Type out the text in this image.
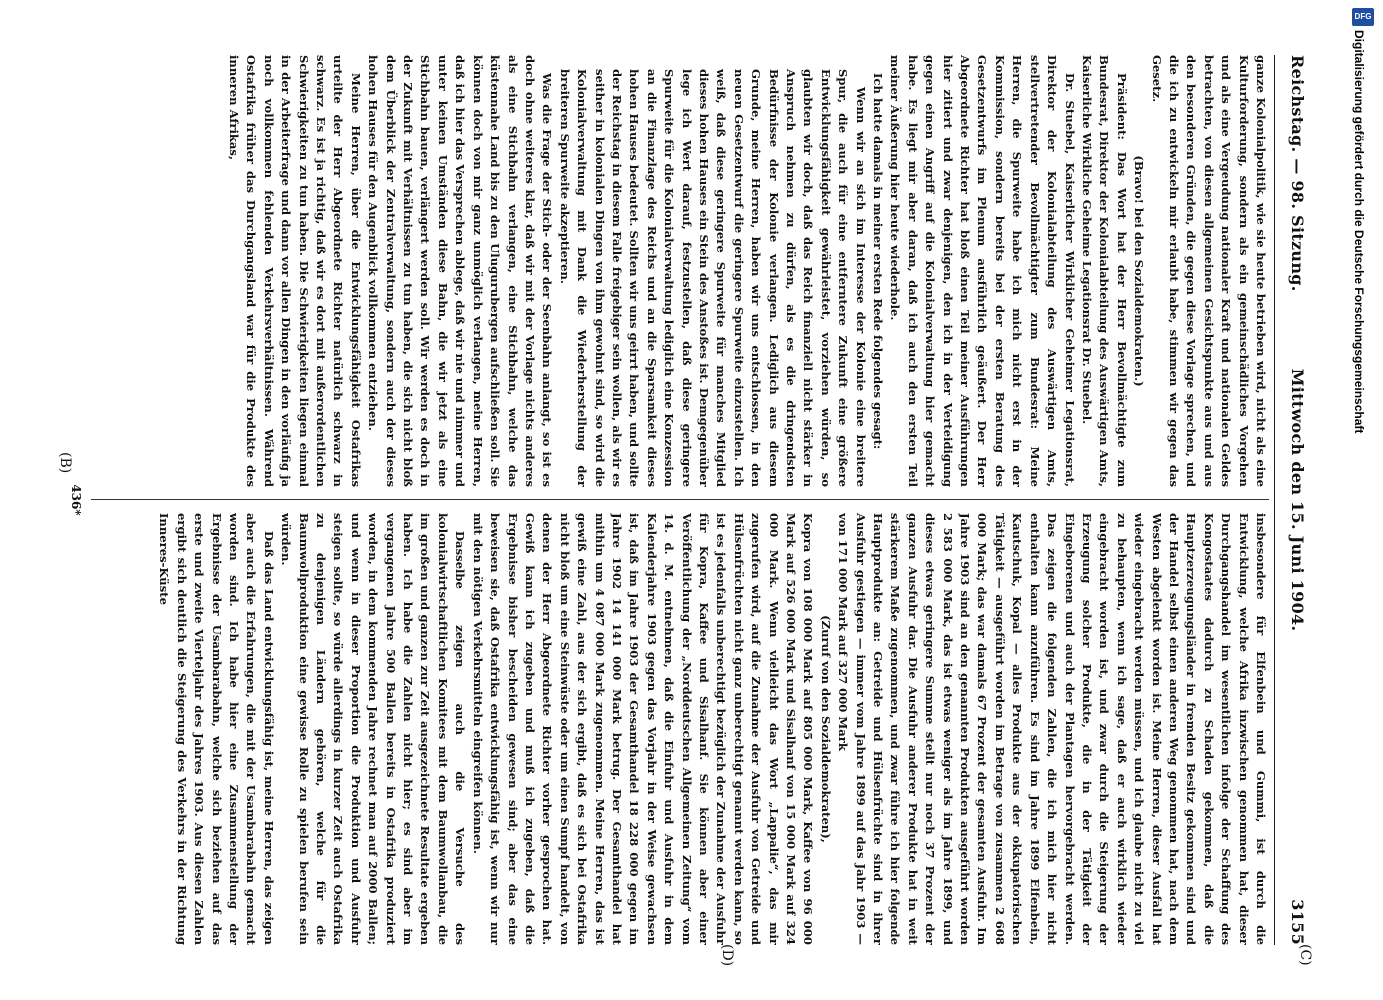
Reichstag. — 98. Sitzung.
Mittwoch den 15. Juni 1904.
3155

ganze Kolonialpolitik, wie sie heute betrieben wird, nicht als eine Kulturforderung, sondern als ein gemeinschädliches Vorgehen und als eine Vergeudung nationaler Kraft und nationalen Geldes betrachten, von diesen allgemeinen Gesichtspunkte aus und aus den besonderen Gründen, die gegen diese Vorlage sprechen, und die ich zu entwickeln mir erlaubt habe, stimmen wir gegen das Gesetz.

(Bravo! bei den Sozialdemokraten.)

Präsident: Das Wort hat der Herr Bevollmächtigte zum Bundesrat, Direktor der Kolonialabteilung des Auswärtigen Amts, Kaiserliche Wirkliche Geheime Legationsrat Dr. Stuebel.

Dr. Stuebel, Kaiserlicher Wirklicher Geheimer Legationsrat, Direktor der Kolonialabteilung des Auswärtigen Amts, stellvertretender Bevollmächtigter zum Bundesrat: Meine Herren, die Spurweite habe ich mich nicht erst in der Kommission, sondern bereits bei der ersten Beratung des Gesetzentwurfs im Plenum ausführlich geäußert. Der Herr Abgeordnete Richter hat bloß einen Teil meiner Ausführungen hier zitiert und zwar denjenigen, den ich in der Verteidigung gegen einen Angriff auf die Kolonialverwaltung hier gemacht habe. Es liegt mir aber daran, daß ich auch den ersten Teil meiner Äußerung hier heute wiederhole.

Ich hatte damals in meiner ersten Rede folgendes gesagt:

Wenn wir an sich im Interesse der Kolonie eine breitere Spur, die auch für eine entferntere Zukunft eine größere Entwicklungsfähigkeit gewährleistet, vorziehen würden, so glaubten wir doch, daß das Reich finanziell nicht stärker in Anspruch nehmen zu dürfen, als es die dringendsten Bedürfnisse der Kolonie verlangen. Lediglich aus diesem Grunde, meine Herren, haben wir uns entschlossen, in den neuen Gesetzentwurf die geringere Spurweite einzustellen. Ich weiß, daß diese geringere Spurweite für manches Mitglied dieses hohen Hauses ein Stein des Anstoßes ist. Demgegenüber lege ich Wert darauf, festzustellen, daß diese geringere Spurweite für die Kolonialverwaltung lediglich eine Konzession an die Finanzlage des Reichs und an die Sparsamkeit dieses hohen Hauses bedeutet. Sollten wir uns geirrt haben, und sollte der Reichstag in diesem Falle freigebiger sein wollen, als wir es seither in kolonialen Dingen von ihm gewohnt sind, so wird die Kolonialverwaltung mit Dank die Wiederherstellung der breiteren Spurweite akzeptieren.

Was die Frage der Stich- oder der Seenbahn anlangt, so ist es doch ohne weiteres klar, daß wir mit der Vorlage nichts anderes als eine Stichbahn verlangen, eine Stichbahn, welche das küstennahe Land bis zu den Ulugurubergen aufschließen soll. Sie können doch von mir ganz unmöglich verlangen, meine Herren, daß ich hier das Versprechen ablege, daß wir nie und nimmer und unter keinen Umständen diese Bahn, die wir jetzt als eine Stichbahn bauen, verlängert werden soll. Wir werden es doch in der Zukunft mit Verhältnissen zu tun haben, die sich nicht bloß dem Überblick der Zentralverwaltung, sondern auch der dieses hohen Hauses für den Augenblick vollkommen entziehen.

Meine Herren, über die Entwicklungsfähigkeit Ostafrikas urteilte der Herr Abgeordnete Richter natürlich schwarz in schwarz. Es ist ja richtig, daß wir es dort mit außerordentlichen Schwierigkeiten zu tun haben. Die Schwierigkeiten liegen einmal in der Arbeiterfrage und dann vor allen Dingen in den vorläufig ja noch vollkommen fehlenden Verkehrsverhältnissen. Während Ostafrika früher das Durchgangsland war für die Produkte des inneren Afrikas,

insbesondere für Elfenbein und Gummi, ist durch die Entwicklung, welche Afrika inzwischen genommen hat, dieser Durchgangshandel im wesentlichen infolge der Schaffung des Kongostaates dadurch zu Schaden gekommen, daß die Hauptzerzeugungsländer in fremden Besitz gekommen sind und der Handel selbst einen anderen Weg genommen hat, nach dem Westen abgelenkt worden ist. Meine Herren, dieser Ausfall hat wieder eingebracht werden müssen, und ich glaube nicht zu viel zu behaupten, wenn ich sage, daß er auch wirklich wieder eingebracht worden ist, und zwar durch die Steigerung der Erzeugung solcher Produkte, die in der Tätigkeit der Eingeborenen und auch der Plantagen hervorgebracht werden. Das zeigen die folgenden Zahlen, die ich mich hier nicht enthalten kann anzuführen. Es sind im Jahre 1899 Elfenbein, Kautschuk, Kopal — alles Produkte aus der okkupatorischen Tätigkeit — ausgeführt worden im Betrage von zusammen 2 608 000 Mark; das war damals 67 Prozent der gesamten Ausfuhr. Im Jahre 1903 sind an den genannten Produkten ausgeführt worden 2 583 000 Mark, das ist etwas weniger als im Jahre 1899, und dieses etwas geringere Summe stellt nur noch 37 Prozent der ganzen Ausfuhr dar. Die Ausfuhr anderer Produkte hat in weit stärkerem Maße zugenommen, und zwar führe ich hier folgende Hauptprodukte an: Getreide und Hülsenfrüchte sind in ihrer Ausfuhr gestiegen — immer vom Jahre 1899 auf das Jahr 1903 — von 171 000 Mark auf 327 000 Mark

(Zuruf von den Sozialdemokraten),

Kopra von 108 000 Mark auf 805 000 Mark, Kaffee von 96 000 Mark auf 526 000 Mark und Sisalhanf von 15 000 Mark auf 324 000 Mark. Wenn vielleicht das Wort „Lappalie“, das mir zugerufen wird, auf die Zunahme der Ausfuhr von Getreide und Hülsenfrüchten nicht ganz unberechtigt genannt werden kann, so ist es jedenfalls unberechtigt bezüglich der Zunahme der Ausfuhr für Kopra, Kaffee und Sisalhanf. Sie können aber einer Veröffentlichung der „Norddeutschen Allgemeinen Zeitung“ vom 14. d. M. entnehmen, daß die Einfuhr und Ausfuhr in dem Kalenderjahre 1903 gegen das Vorjahr in der Weise gewachsen ist, daß im Jahre 1903 der Gesamthandel 18 228 000 gegen im Jahre 1902 14 141 000 Mark betrug. Der Gesamthandel hat mithin um 4 087 000 Mark zugenommen. Meine Herren, das ist gewiß eine Zahl, aus der sich ergibt, daß es sich bei Ostafrika nicht bloß um eine Steinwüste oder um einen Sumpf handelt, von denen der Herr Abgeordnete Richter vorher gesprochen hat. Gewiß kann ich zugeben und muß ich zugeben, daß die Ergebnisse bisher bescheiden gewesen sind; aber das eine beweisen sie, daß Ostafrika entwicklungsfähig ist, wenn wir nur mit den nötigen Verkehrsmitteln eingreifen können.

Dasselbe zeigen auch die Versuche des kolonialwirtschaftlichen Komitees mit dem Baumwollanbau, die im großen und ganzen zur Zeit ausgezeichnete Resultate ergeben haben. Ich habe die Zahlen nicht hier; es sind aber im vergangenen Jahre 500 Ballen bereits in Ostafrika produziert worden, in dem kommenden Jahre rechnet man auf 2000 Ballen; und wenn in dieser Proportion die Produktion und Ausfuhr steigen sollte, so würde allerdings in kurzer Zeit auch Ostafrika zu denjenigen Ländern gehören, welche für die Baumwollproduktion eine gewisse Rolle zu spielen berufen sein würden.

Daß das Land entwicklungsfähig ist, meine Herren, das zeigen aber auch die Erfahrungen, die mit der Usambarabahn gemacht worden sind. Ich habe hier eine Zusammenstellung der Ergebnisse der Usambarabahn, welche sich beziehen auf das erste und zweite Vierteljahr des Jahres 1903. Aus diesen Zahlen ergibt sich deutlich die Steigerung des Verkehrs in der Richtung Inneres-Küste

(C)
(D)
(B)
436*
DFG
Digitalisierung gefördert durch die Deutsche Forschungsgemeinschaft
